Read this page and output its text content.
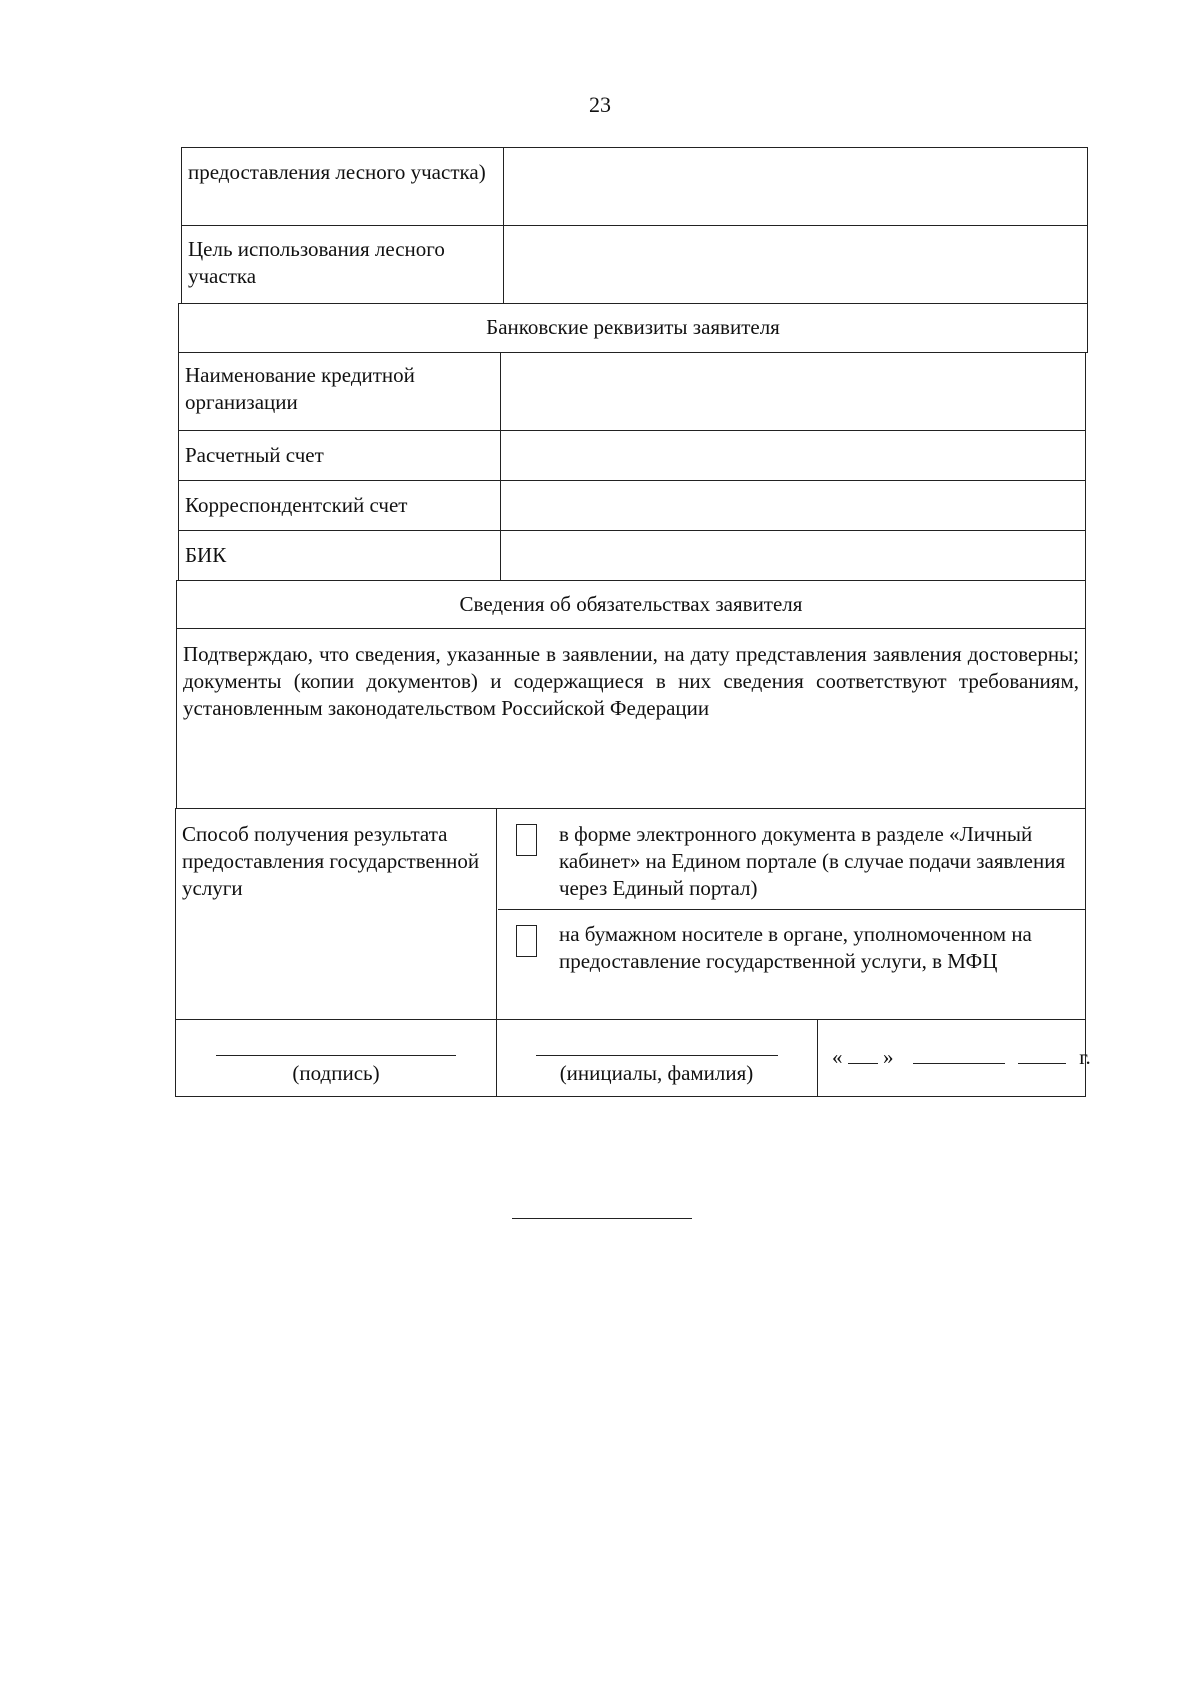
23
предоставления лесного участка)
Цель использования лесного участка
Банковские реквизиты заявителя
Наименование кредитной организации
Расчетный счет
Корреспондентский счет
БИК
Сведения об обязательствах заявителя
Подтверждаю, что сведения, указанные в заявлении, на дату представления заявления достоверны; документы (копии документов) и содержащиеся в них сведения соответствуют требованиям, установленным законодательством Российской Федерации
Способ получения результата предоставления государственной услуги
в форме электронного документа в разделе «Личный кабинет» на Едином портале (в случае подачи заявления через Единый портал)
на бумажном носителе в органе, уполномоченном на предоставление государственной услуги, в МФЦ
(подпись)	(инициалы, фамилия)
« »	г.
